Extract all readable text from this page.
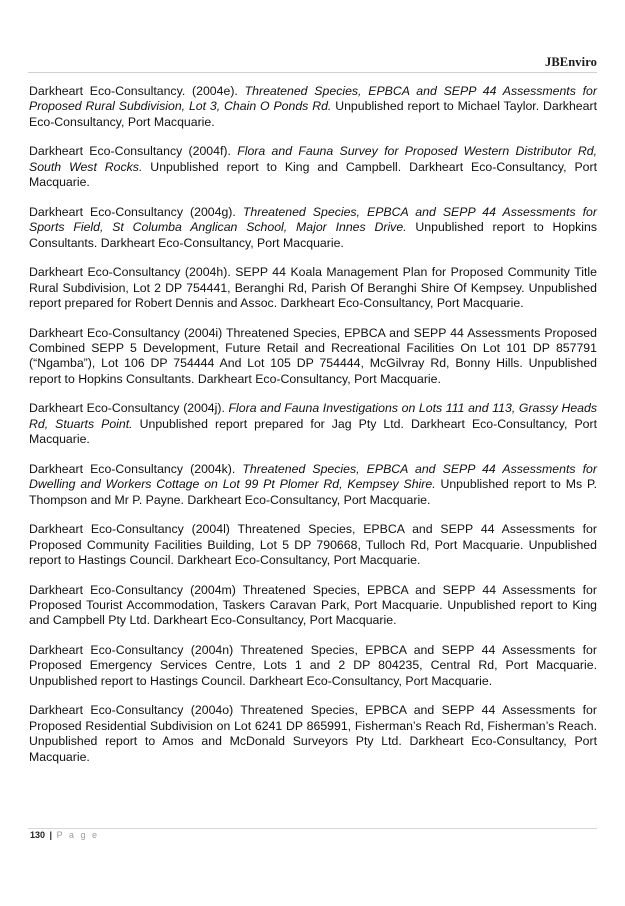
JBEnviro

Darkheart Eco-Consultancy. (2004e). Threatened Species, EPBCA and SEPP 44 Assessments for Proposed Rural Subdivision, Lot 3, Chain O Ponds Rd. Unpublished report to Michael Taylor. Darkheart Eco-Consultancy, Port Macquarie.

Darkheart Eco-Consultancy (2004f). Flora and Fauna Survey for Proposed Western Distributor Rd, South West Rocks. Unpublished report to King and Campbell. Darkheart Eco-Consultancy, Port Macquarie.

Darkheart Eco-Consultancy (2004g). Threatened Species, EPBCA and SEPP 44 Assessments for Sports Field, St Columba Anglican School, Major Innes Drive. Unpublished report to Hopkins Consultants. Darkheart Eco-Consultancy, Port Macquarie.

Darkheart Eco-Consultancy (2004h). SEPP 44 Koala Management Plan for Proposed Community Title Rural Subdivision, Lot 2 DP 754441, Beranghi Rd, Parish Of Beranghi Shire Of Kempsey. Unpublished report prepared for Robert Dennis and Assoc. Darkheart Eco-Consultancy, Port Macquarie.

Darkheart Eco-Consultancy (2004i) Threatened Species, EPBCA and SEPP 44 Assessments Proposed Combined SEPP 5 Development, Future Retail and Recreational Facilities On Lot 101 DP 857791 (“Ngamba”), Lot 106 DP 754444 And Lot 105 DP 754444, McGilvray Rd, Bonny Hills. Unpublished report to Hopkins Consultants. Darkheart Eco-Consultancy, Port Macquarie.

Darkheart Eco-Consultancy (2004j). Flora and Fauna Investigations on Lots 111 and 113, Grassy Heads Rd, Stuarts Point. Unpublished report prepared for Jag Pty Ltd. Darkheart Eco-Consultancy, Port Macquarie.

Darkheart Eco-Consultancy (2004k). Threatened Species, EPBCA and SEPP 44 Assessments for Dwelling and Workers Cottage on Lot 99 Pt Plomer Rd, Kempsey Shire. Unpublished report to Ms P. Thompson and Mr P. Payne. Darkheart Eco-Consultancy, Port Macquarie.

Darkheart Eco-Consultancy (2004l) Threatened Species, EPBCA and SEPP 44 Assessments for Proposed Community Facilities Building, Lot 5 DP 790668, Tulloch Rd, Port Macquarie. Unpublished report to Hastings Council. Darkheart Eco-Consultancy, Port Macquarie.

Darkheart Eco-Consultancy (2004m) Threatened Species, EPBCA and SEPP 44 Assessments for Proposed Tourist Accommodation, Taskers Caravan Park, Port Macquarie. Unpublished report to King and Campbell Pty Ltd. Darkheart Eco-Consultancy, Port Macquarie.

Darkheart Eco-Consultancy (2004n) Threatened Species, EPBCA and SEPP 44 Assessments for Proposed Emergency Services Centre, Lots 1 and 2 DP 804235, Central Rd, Port Macquarie. Unpublished report to Hastings Council. Darkheart Eco-Consultancy, Port Macquarie.

Darkheart Eco-Consultancy (2004o) Threatened Species, EPBCA and SEPP 44 Assessments for Proposed Residential Subdivision on Lot 6241 DP 865991, Fisherman’s Reach Rd, Fisherman’s Reach. Unpublished report to Amos and McDonald Surveyors Pty Ltd. Darkheart Eco-Consultancy, Port Macquarie.

130 | P a g e
